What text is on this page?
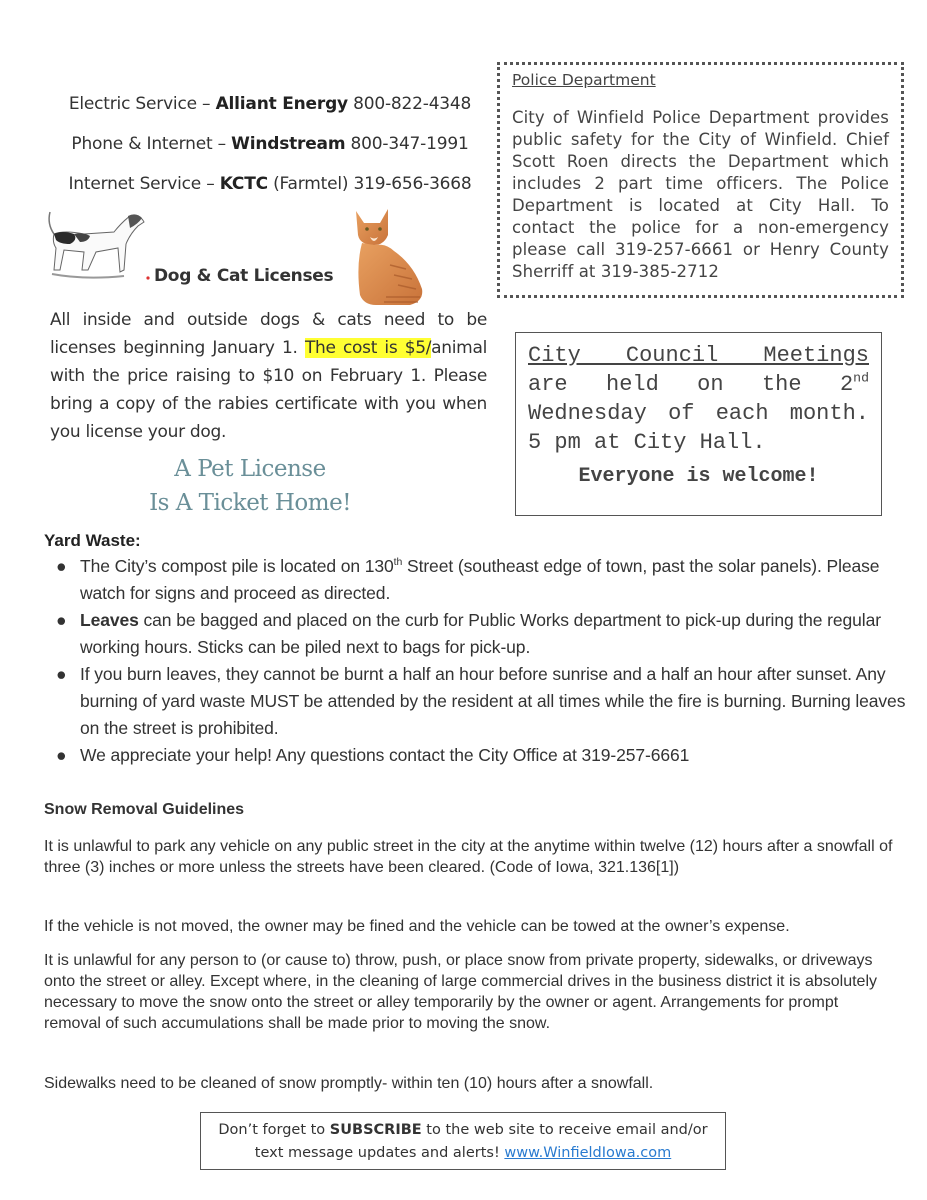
Electric Service – Alliant Energy 800-822-4348
Phone & Internet – Windstream 800-347-1991
Internet Service – KCTC (Farmtel) 319-656-3668
Police Department
City of Winfield Police Department provides public safety for the City of Winfield. Chief Scott Roen directs the Department which includes 2 part time officers. The Police Department is located at City Hall. To contact the police for a non-emergency please call 319-257-6661 or Henry County Sherriff at 319-385-2712
Dog & Cat Licenses
All inside and outside dogs & cats need to be licenses beginning January 1. The cost is $5/animal with the price raising to $10 on February 1. Please bring a copy of the rabies certificate with you when you license your dog.
A Pet License
Is A Ticket Home!
City Council Meetings
are held on the 2nd
Wednesday of each month.
5 pm at City Hall.
Everyone is welcome!
Yard Waste:
● The City’s compost pile is located on 130th Street (southeast edge of town, past the solar panels). Please watch for signs and proceed as directed.
● Leaves can be bagged and placed on the curb for Public Works department to pick-up during the regular working hours. Sticks can be piled next to bags for pick-up.
● If you burn leaves, they cannot be burnt a half an hour before sunrise and a half an hour after sunset. Any burning of yard waste MUST be attended by the resident at all times while the fire is burning. Burning leaves on the street is prohibited.
● We appreciate your help! Any questions contact the City Office at 319-257-6661
Snow Removal Guidelines
It is unlawful to park any vehicle on any public street in the city at the anytime within twelve (12) hours after a snowfall of three (3) inches or more unless the streets have been cleared. (Code of Iowa, 321.136[1])
If the vehicle is not moved, the owner may be fined and the vehicle can be towed at the owner’s expense.
It is unlawful for any person to (or cause to) throw, push, or place snow from private property, sidewalks, or driveways onto the street or alley. Except where, in the cleaning of large commercial drives in the business district it is absolutely necessary to move the snow onto the street or alley temporarily by the owner or agent. Arrangements for prompt removal of such accumulations shall be made prior to moving the snow.
Sidewalks need to be cleaned of snow promptly- within ten (10) hours after a snowfall.
Don’t forget to SUBSCRIBE to the web site to receive email and/or text message updates and alerts! www.WinfieldIowa.com
